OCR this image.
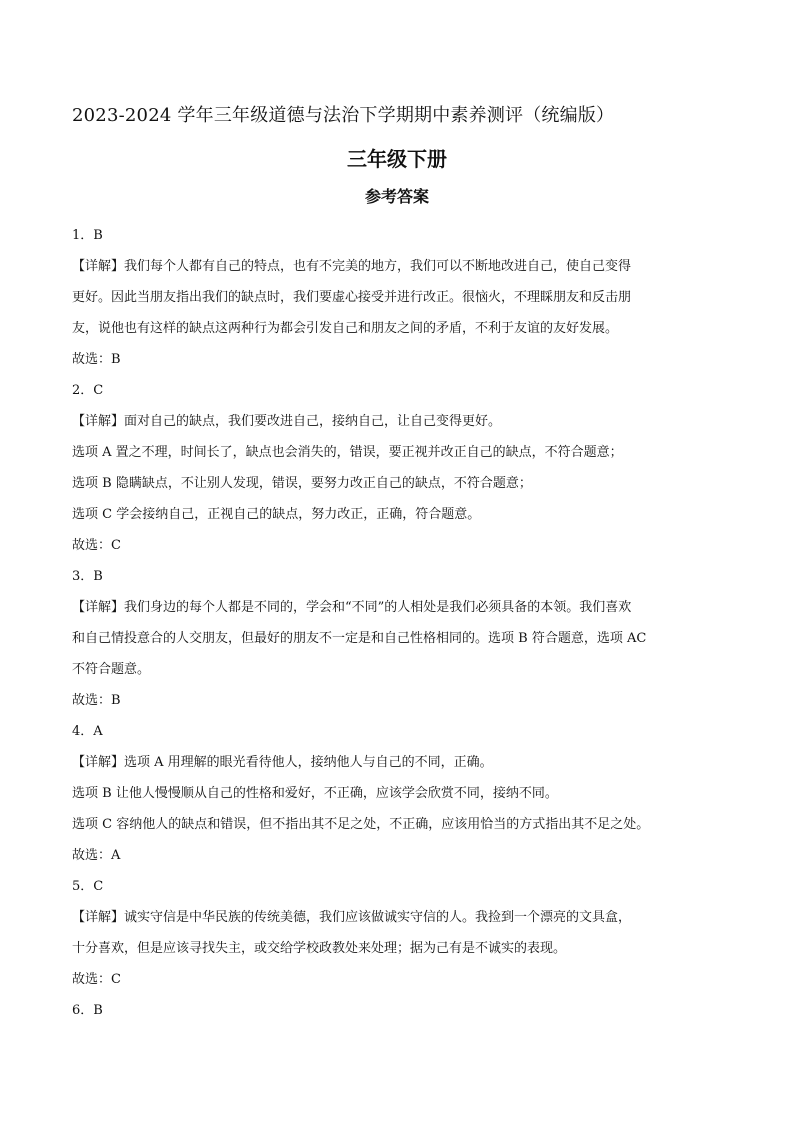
2023-2024 学年三年级道德与法治下学期期中素养测评（统编版）
三年级下册
参考答案
1．B
【详解】我们每个人都有自己的特点，也有不完美的地方，我们可以不断地改进自己，使自己变得
更好。因此当朋友指出我们的缺点时，我们要虚心接受并进行改正。很恼火，不理睬朋友和反击朋
友，说他也有这样的缺点这两种行为都会引发自己和朋友之间的矛盾，不利于友谊的友好发展。
故选：B
2．C
【详解】面对自己的缺点，我们要改进自己，接纳自己，让自己变得更好。
选项 A 置之不理，时间长了，缺点也会消失的，错误，要正视并改正自己的缺点，不符合题意；
选项 B 隐瞒缺点，不让别人发现，错误，要努力改正自己的缺点，不符合题意；
选项 C 学会接纳自己，正视自己的缺点，努力改正，正确，符合题意。
故选：C
3．B
【详解】我们身边的每个人都是不同的，学会和“不同”的人相处是我们必须具备的本领。我们喜欢
和自己情投意合的人交朋友，但最好的朋友不一定是和自己性格相同的。选项 B 符合题意，选项 AC
不符合题意。
故选：B
4．A
【详解】选项 A 用理解的眼光看待他人，接纳他人与自己的不同，正确。
选项 B 让他人慢慢顺从自己的性格和爱好，不正确，应该学会欣赏不同，接纳不同。
选项 C 容纳他人的缺点和错误，但不指出其不足之处，不正确，应该用恰当的方式指出其不足之处。
故选：A
5．C
【详解】诚实守信是中华民族的传统美德，我们应该做诚实守信的人。我捡到一个漂亮的文具盒，
十分喜欢，但是应该寻找失主，或交给学校政教处来处理；据为己有是不诚实的表现。
故选：C
6．B
